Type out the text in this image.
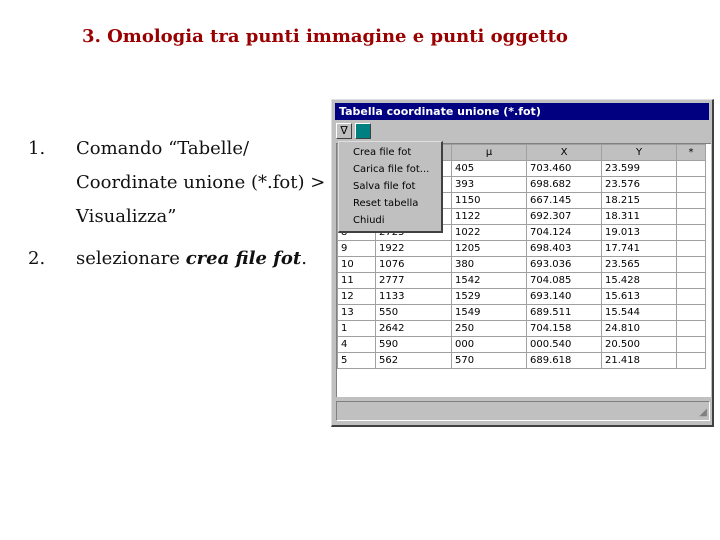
3. Omologia tra punti immagine e punti oggetto
1.	Comando “Tabelle/ Coordinate unione (*.fot) > Visualizza”
2.	selezionare crea file fot.
Tabella coordinate unione (*.fot)
∇
		μ	X	Y	*
		405	703.460	23.599	
		393	698.682	23.576	
		1150	667.145	18.215	
		1122	692.307	18.311	
		1022	704.124	19.013	
9	1922	1205	698.403	17.741	
10	1076	380	693.036	23.565	
11	2777	1542	704.085	15.428	
12	1133	1529	693.140	15.613	
13	550	1549	689.511	15.544	
1	2642	250	704.158	24.810	
4	590	000	000.540	20.500	
5	562	570	689.618	21.418	
◢
Crea file fot
Carica file fot...
Salva file fot
Reset tabella
Chiudi
